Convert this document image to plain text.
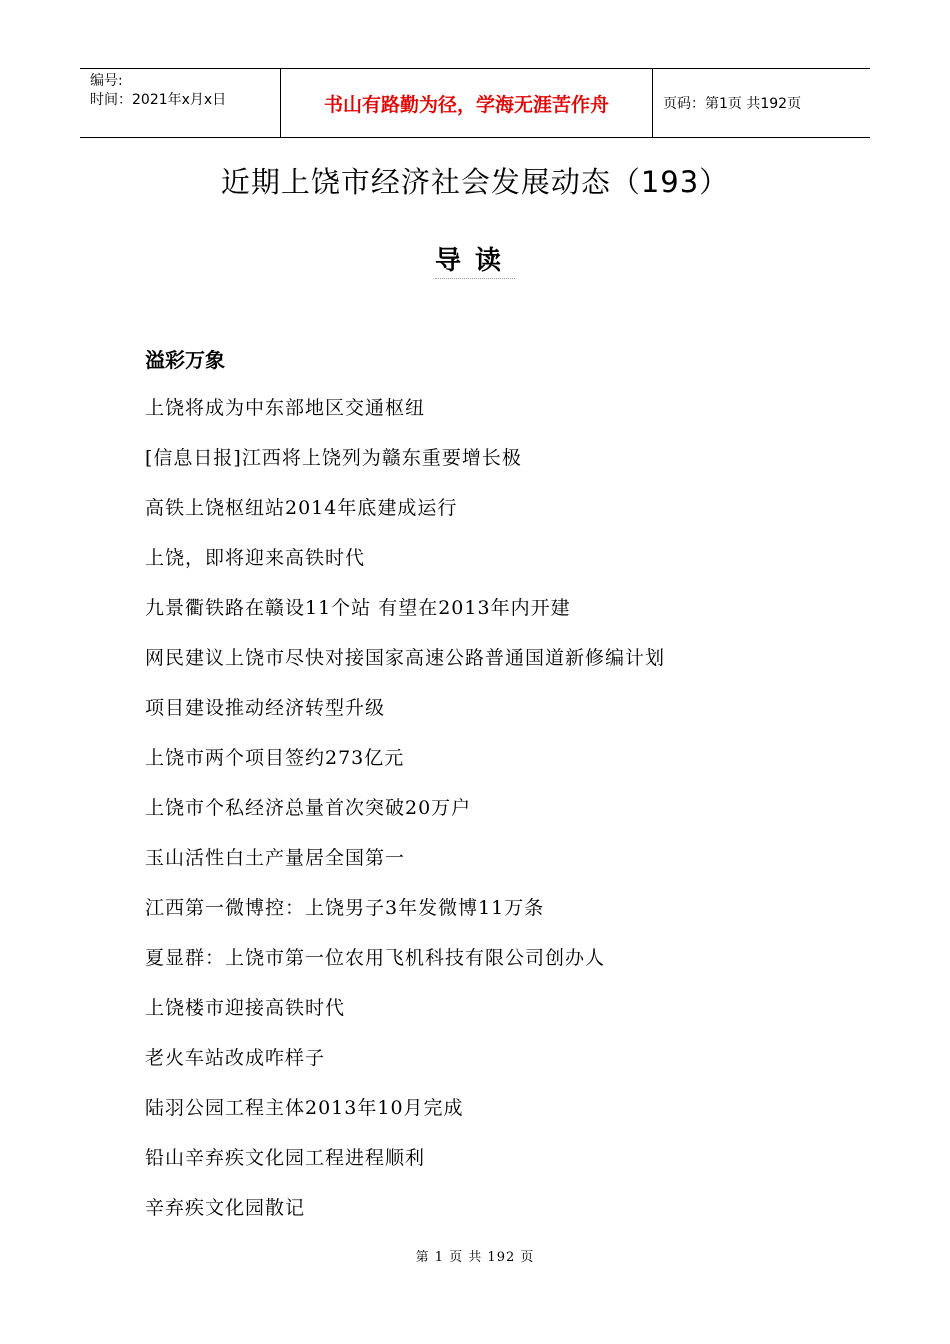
编号:
时间：2021年x月x日	书山有路勤为径，学海无涯苦作舟	页码：第1页 共192页
近期上饶市经济社会发展动态（193）
导读
溢彩万象
上饶将成为中东部地区交通枢纽
[信息日报]江西将上饶列为赣东重要增长极
高铁上饶枢纽站2014年底建成运行
上饶，即将迎来高铁时代
九景衢铁路在赣设11个站 有望在2013年内开建
网民建议上饶市尽快对接国家高速公路普通国道新修编计划
项目建设推动经济转型升级
上饶市两个项目签约273亿元
上饶市个私经济总量首次突破20万户
玉山活性白土产量居全国第一
江西第一微博控：上饶男子3年发微博11万条
夏显群：上饶市第一位农用飞机科技有限公司创办人
上饶楼市迎接高铁时代
老火车站改成咋样子
陆羽公园工程主体2013年10月完成
铅山辛弃疾文化园工程进程顺利
辛弃疾文化园散记
第 1 页 共 192 页
